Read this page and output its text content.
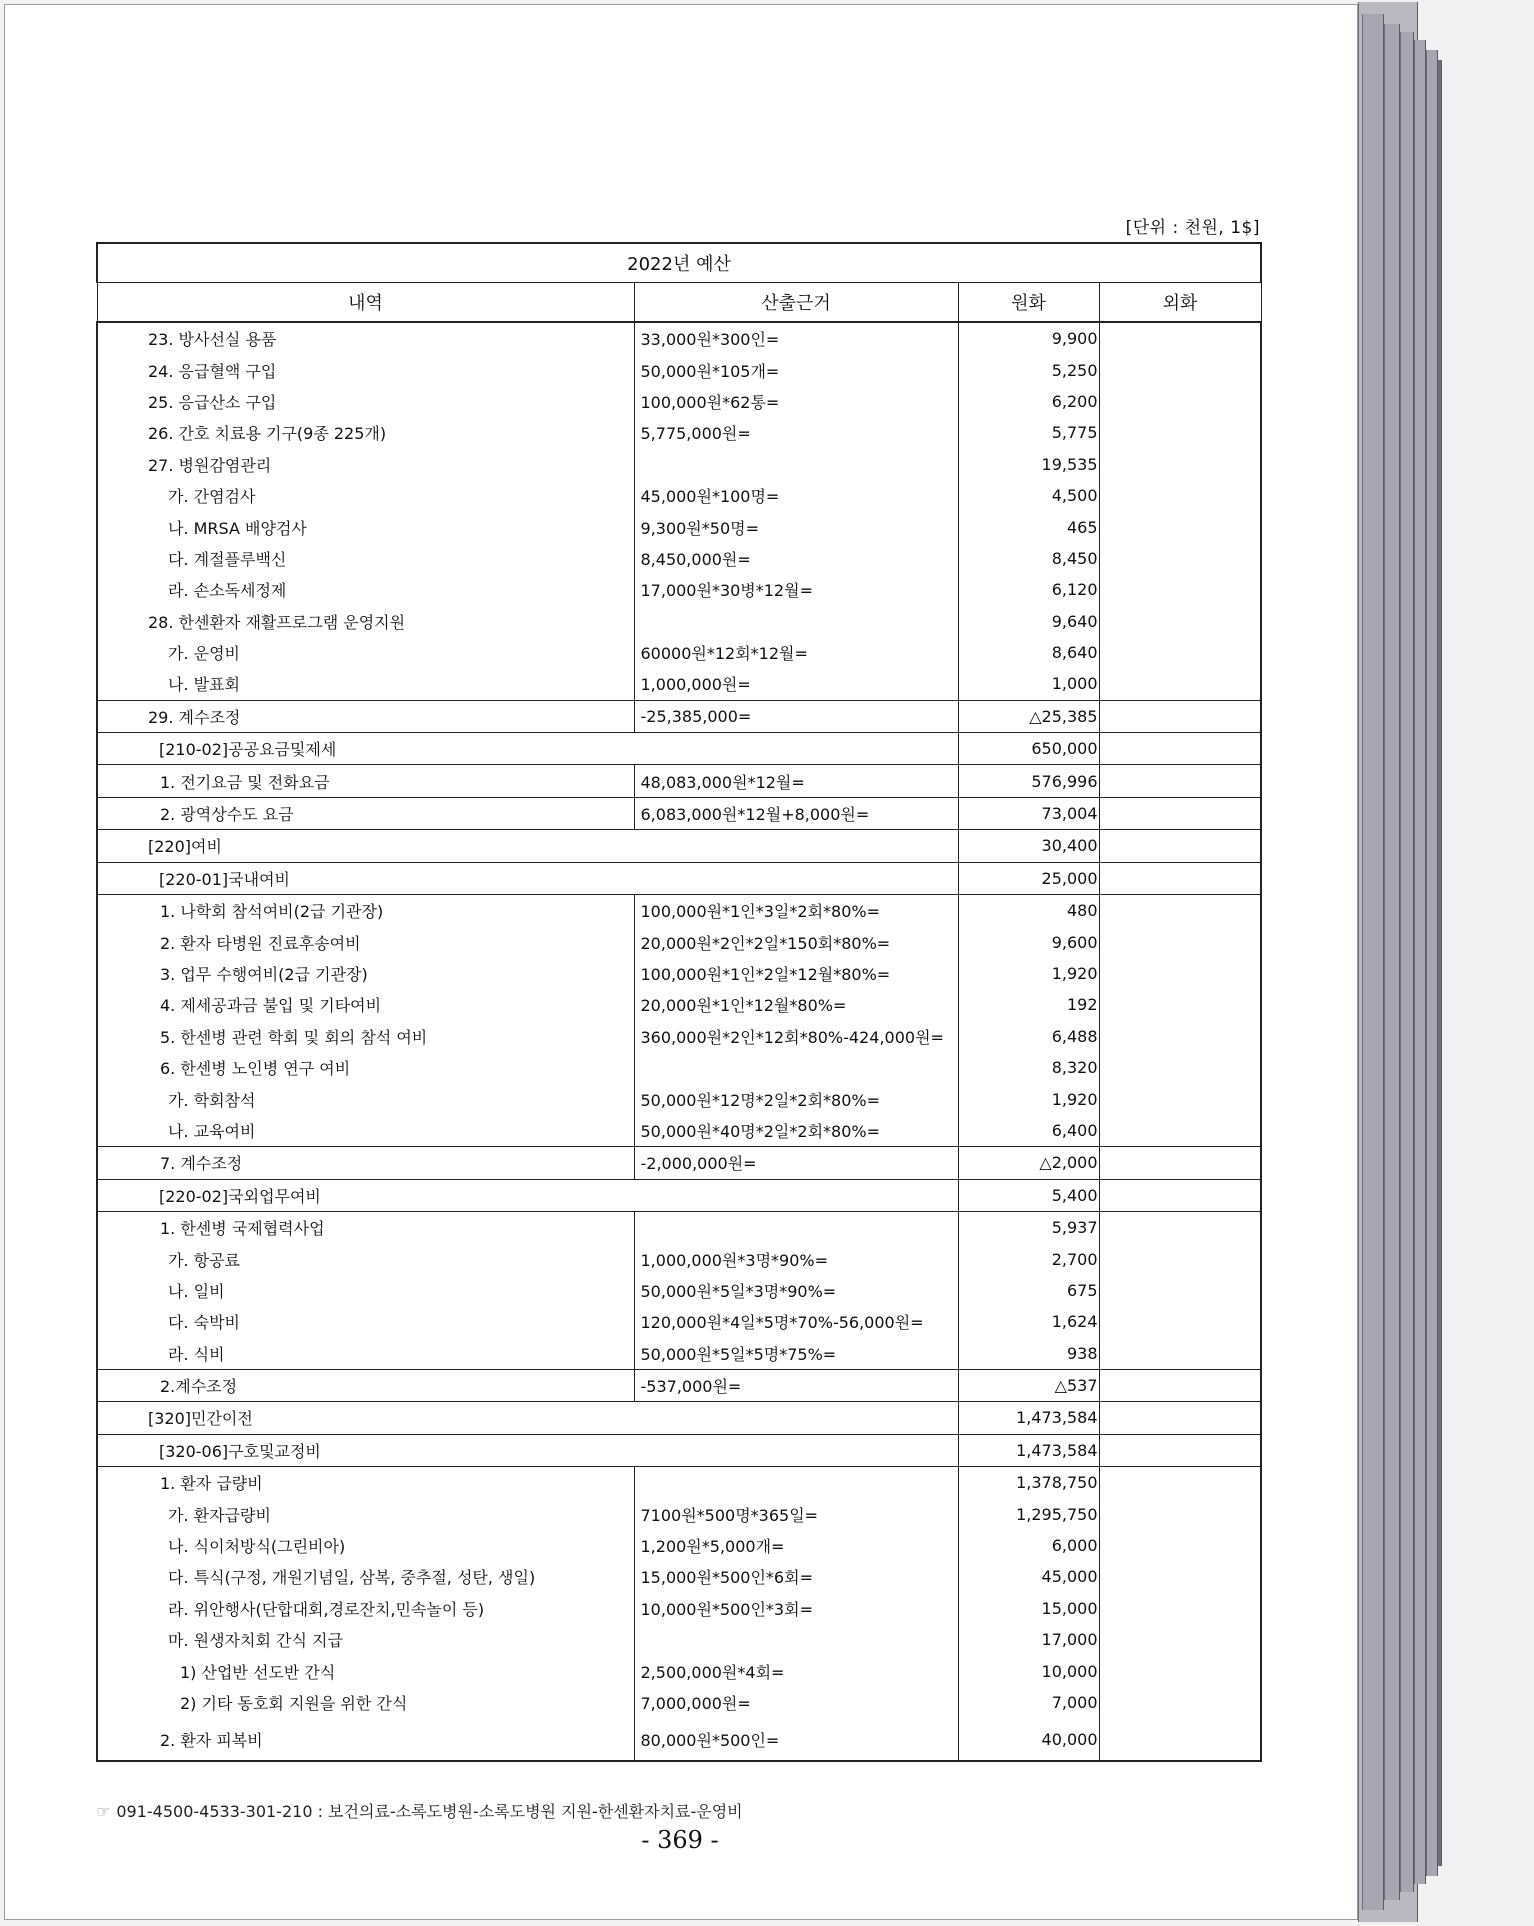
[단위 : 천원, 1$]
2022년 예산			
내역	산출근거	원화	외화
23. 방사선실 용품	33,000원*300인=	9,900	
24. 응급혈액 구입	50,000원*105개=	5,250	
25. 응급산소 구입	100,000원*62통=	6,200	
26. 간호 치료용 기구(9종 225개)	5,775,000원=	5,775	
27. 병원감염관리		19,535	
가. 간염검사	45,000원*100명=	4,500	
나. MRSA 배양검사	9,300원*50명=	465	
다. 계절플루백신	8,450,000원=	8,450	
라. 손소독세정제	17,000원*30병*12월=	6,120	
28. 한센환자 재활프로그램 운영지원		9,640	
가. 운영비	60000원*12회*12월=	8,640	
나. 발표회	1,000,000원=	1,000	
29. 계수조정	-25,385,000=	△25,385	
[210-02]공공요금및제세		650,000	
1. 전기요금 및 전화요금	48,083,000원*12월=	576,996	
2. 광역상수도 요금	6,083,000원*12월+8,000원=	73,004	
[220]여비		30,400	
[220-01]국내여비		25,000	
1. 나학회 참석여비(2급 기관장)	100,000원*1인*3일*2회*80%=	480	
2. 환자 타병원 진료후송여비	20,000원*2인*2일*150회*80%=	9,600	
3. 업무 수행여비(2급 기관장)	100,000원*1인*2일*12월*80%=	1,920	
4. 제세공과금 불입 및 기타여비	20,000원*1인*12월*80%=	192	
5. 한센병 관련 학회 및 회의 참석 여비	360,000원*2인*12회*80%-424,000원=	6,488	
6. 한센병 노인병 연구 여비		8,320	
가. 학회참석	50,000원*12명*2일*2회*80%=	1,920	
나. 교육여비	50,000원*40명*2일*2회*80%=	6,400	
7. 계수조정	-2,000,000원=	△2,000	
[220-02]국외업무여비		5,400	
1. 한센병 국제협력사업		5,937	
가. 항공료	1,000,000원*3명*90%=	2,700	
나. 일비	50,000원*5일*3명*90%=	675	
다. 숙박비	120,000원*4일*5명*70%-56,000원=	1,624	
라. 식비	50,000원*5일*5명*75%=	938	
2.계수조정	-537,000원=	△537	
[320]민간이전		1,473,584	
[320-06]구호및교정비		1,473,584	
1. 환자 급량비		1,378,750	
가. 환자급량비	7100원*500명*365일=	1,295,750	
나. 식이처방식(그린비아)	1,200원*5,000개=	6,000	
다. 특식(구정, 개원기념일, 삼복, 중추절, 성탄, 생일)	15,000원*500인*6회=	45,000	
라. 위안행사(단합대회,경로잔치,민속놀이 등)	10,000원*500인*3회=	15,000	
마. 원생자치회 간식 지급		17,000	
1) 산업반 선도반 간식	2,500,000원*4회=	10,000	
2) 기타 동호회 지원을 위한 간식	7,000,000원=	7,000	
2. 환자 피복비	80,000원*500인=	40,000	
☞ 091-4500-4533-301-210 : 보건의료-소록도병원-소록도병원 지원-한센환자치료-운영비
- 369 -
